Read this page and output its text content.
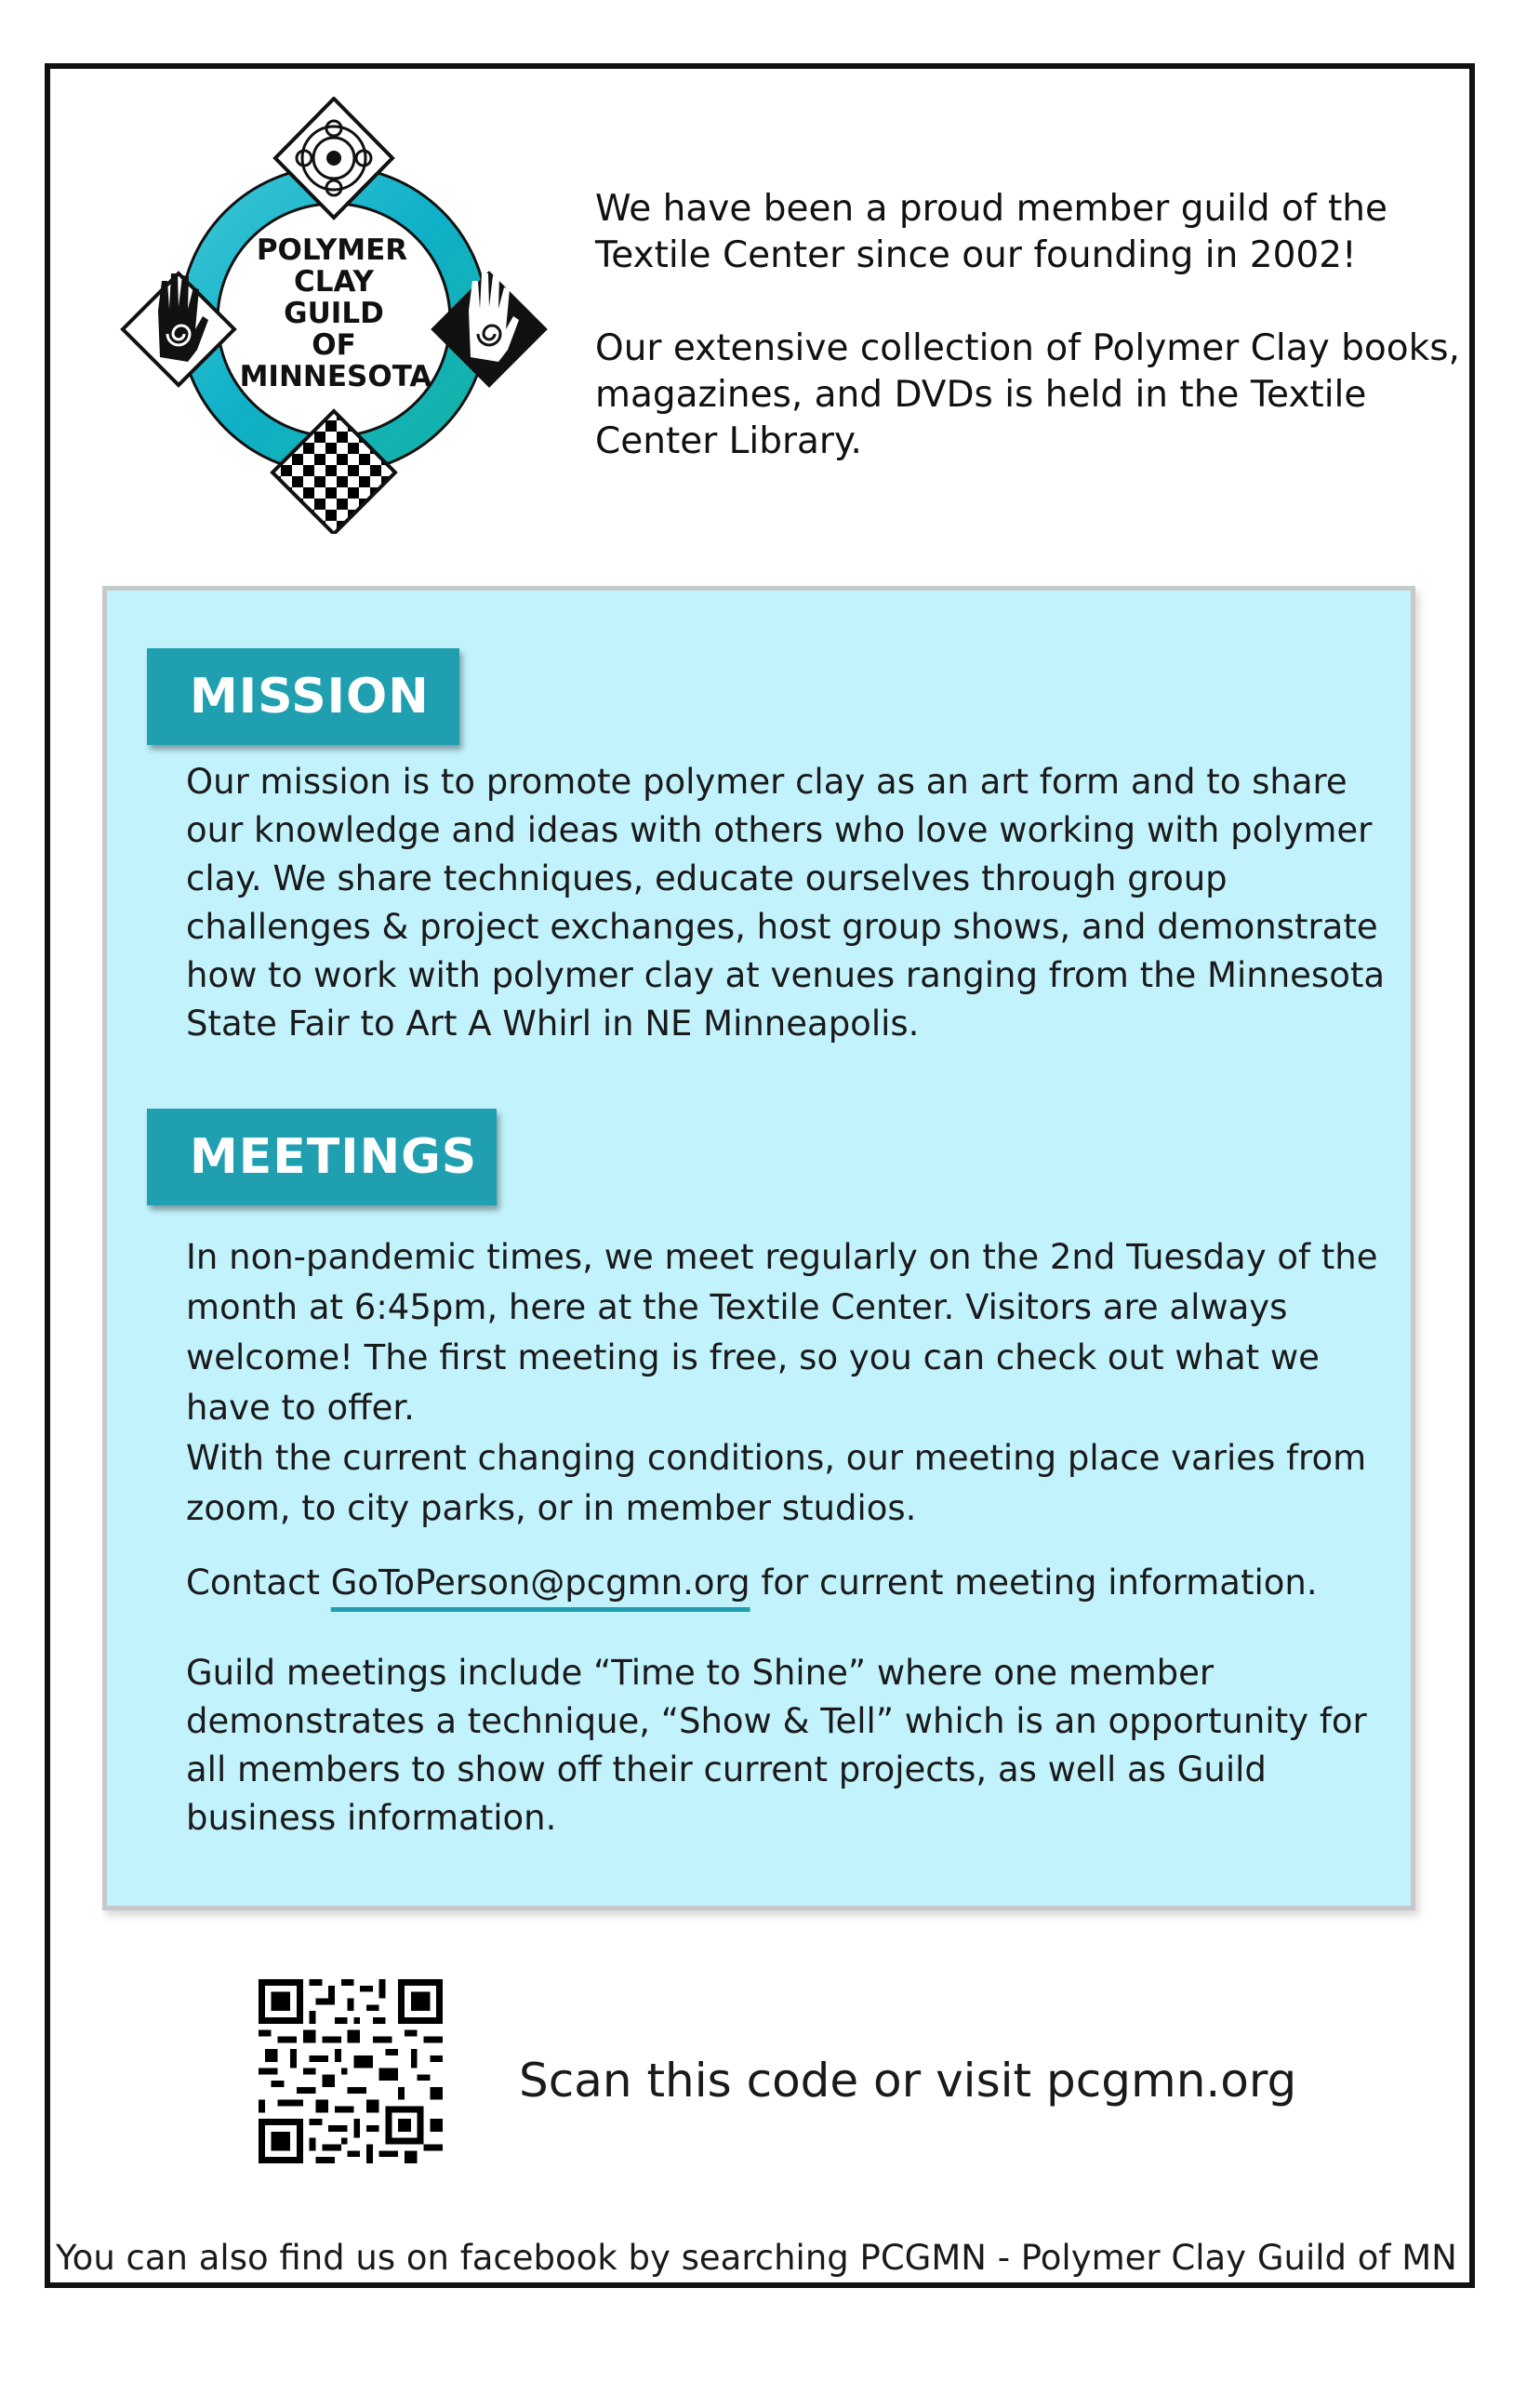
POLYMER
CLAY
GUILD
OF
MINNESOTA

We have been a proud member guild of the Textile Center since our founding in 2002!

Our extensive collection of Polymer Clay books, magazines, and DVDs is held in the Textile Center Library.

MISSION
Our mission is to promote polymer clay as an art form and to share our knowledge and ideas with others who love working with polymer clay. We share techniques, educate ourselves through group challenges & project exchanges, host group shows, and demonstrate how to work with polymer clay at venues ranging from the Minnesota State Fair to Art A Whirl in NE Minneapolis.
MEETINGS
In non-pandemic times, we meet regularly on the 2nd Tuesday of the month at 6:45pm, here at the Textile Center. Visitors are always welcome! The first meeting is free, so you can check out what we have to offer.
With the current changing conditions, our meeting place varies from zoom, to city parks, or in member studios.
Contact GoToPerson@pcgmn.org for current meeting information.
Guild meetings include “Time to Shine” where one member demonstrates a technique, “Show & Tell” which is an opportunity for all members to show off their current projects, as well as Guild business information.
Scan this code or visit pcgmn.org
You can also find us on facebook by searching PCGMN - Polymer Clay Guild of MN
